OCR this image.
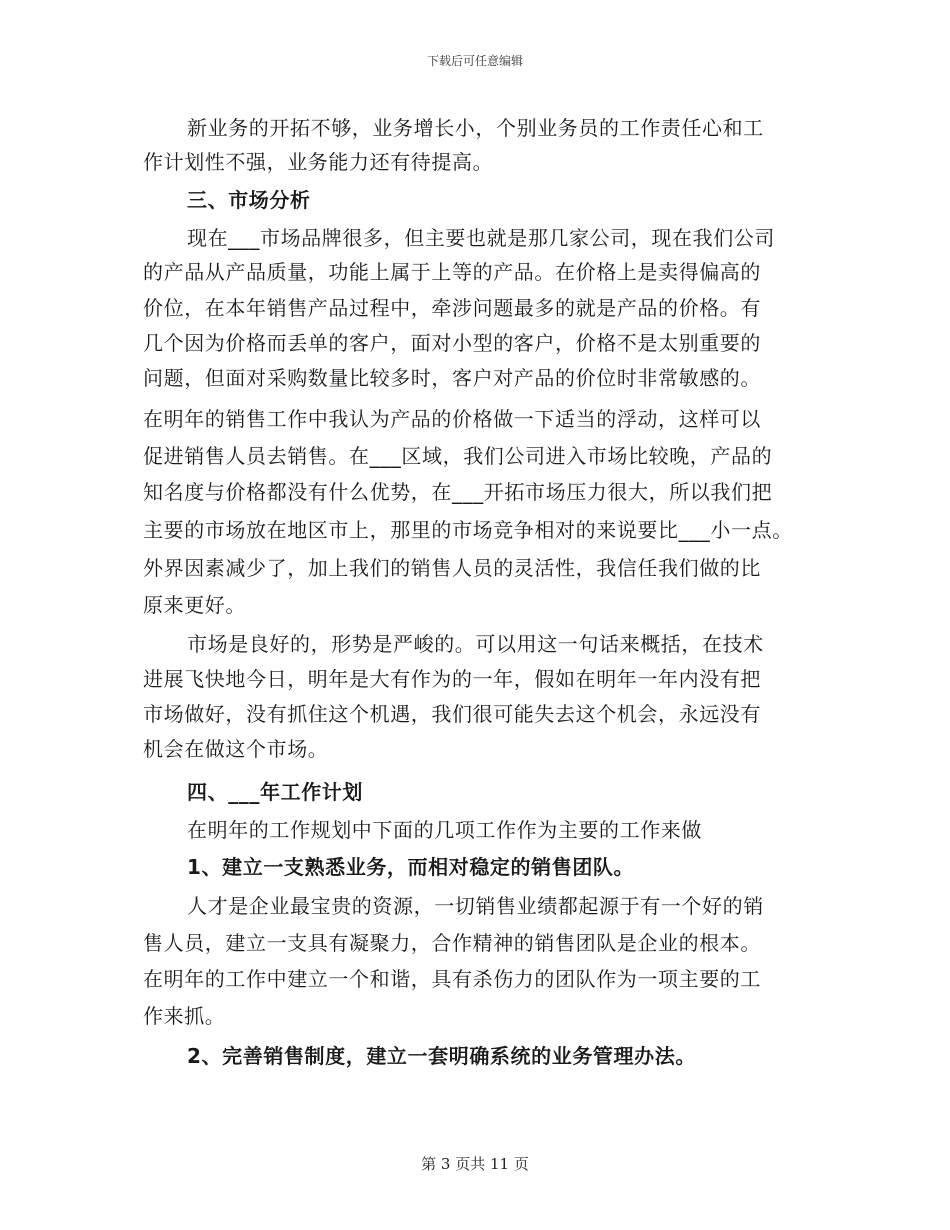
下载后可任意编辑
新业务的开拓不够，业务增长小，个别业务员的工作责任心和工
作计划性不强，业务能力还有待提高。
三、市场分析
现在___市场品牌很多，但主要也就是那几家公司，现在我们公司
的产品从产品质量，功能上属于上等的产品。在价格上是卖得偏高的
价位，在本年销售产品过程中，牵涉问题最多的就是产品的价格。有
几个因为价格而丢单的客户，面对小型的客户，价格不是太别重要的
问题，但面对采购数量比较多时，客户对产品的价位时非常敏感的。
在明年的销售工作中我认为产品的价格做一下适当的浮动，这样可以
促进销售人员去销售。在___区域，我们公司进入市场比较晚，产品的
知名度与价格都没有什么优势，在___开拓市场压力很大，所以我们把
主要的市场放在地区市上，那里的市场竞争相对的来说要比___小一点。
外界因素减少了，加上我们的销售人员的灵活性，我信任我们做的比
原来更好。
市场是良好的，形势是严峻的。可以用这一句话来概括，在技术
进展飞快地今日，明年是大有作为的一年，假如在明年一年内没有把
市场做好，没有抓住这个机遇，我们很可能失去这个机会，永远没有
机会在做这个市场。
四、___年工作计划
在明年的工作规划中下面的几项工作作为主要的工作来做
1、建立一支熟悉业务，而相对稳定的销售团队。
人才是企业最宝贵的资源，一切销售业绩都起源于有一个好的销
售人员，建立一支具有凝聚力，合作精神的销售团队是企业的根本。
在明年的工作中建立一个和谐，具有杀伤力的团队作为一项主要的工
作来抓。
2、完善销售制度，建立一套明确系统的业务管理办法。
第 3 页共 11 页
